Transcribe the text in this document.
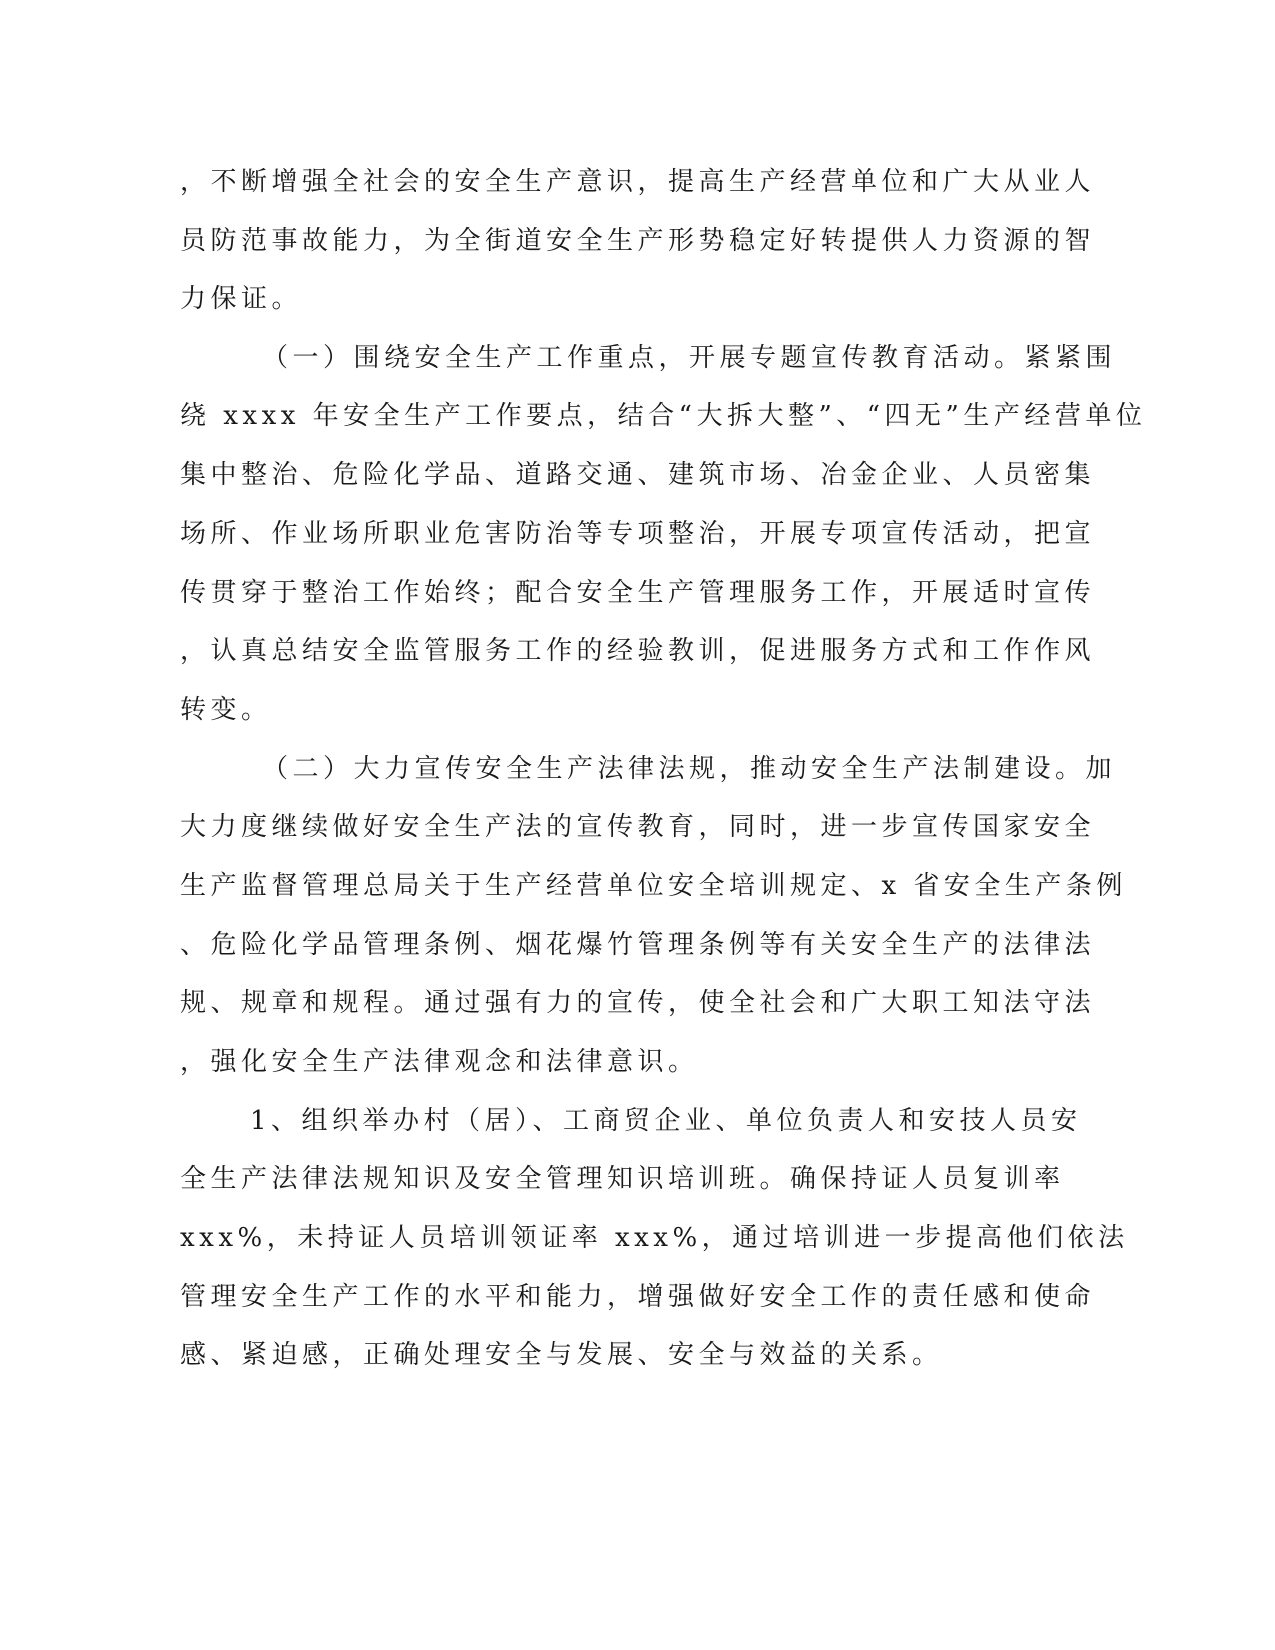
，不断增强全社会的安全生产意识，提高生产经营单位和广大从业人
员防范事故能力，为全街道安全生产形势稳定好转提供人力资源的智
力保证。
（一）围绕安全生产工作重点，开展专题宣传教育活动。紧紧围
绕 xxxx 年安全生产工作要点，结合“大拆大整”、“四无”生产经营单位
集中整治、危险化学品、道路交通、建筑市场、冶金企业、人员密集
场所、作业场所职业危害防治等专项整治，开展专项宣传活动，把宣
传贯穿于整治工作始终；配合安全生产管理服务工作，开展适时宣传
，认真总结安全监管服务工作的经验教训，促进服务方式和工作作风
转变。
（二）大力宣传安全生产法律法规，推动安全生产法制建设。加
大力度继续做好安全生产法的宣传教育，同时，进一步宣传国家安全
生产监督管理总局关于生产经营单位安全培训规定、x 省安全生产条例
、危险化学品管理条例、烟花爆竹管理条例等有关安全生产的法律法
规、规章和规程。通过强有力的宣传，使全社会和广大职工知法守法
，强化安全生产法律观念和法律意识。
1、组织举办村（居）、工商贸企业、单位负责人和安技人员安
全生产法律法规知识及安全管理知识培训班。确保持证人员复训率
xxx%，未持证人员培训领证率 xxx%，通过培训进一步提高他们依法
管理安全生产工作的水平和能力，增强做好安全工作的责任感和使命
感、紧迫感，正确处理安全与发展、安全与效益的关系。
